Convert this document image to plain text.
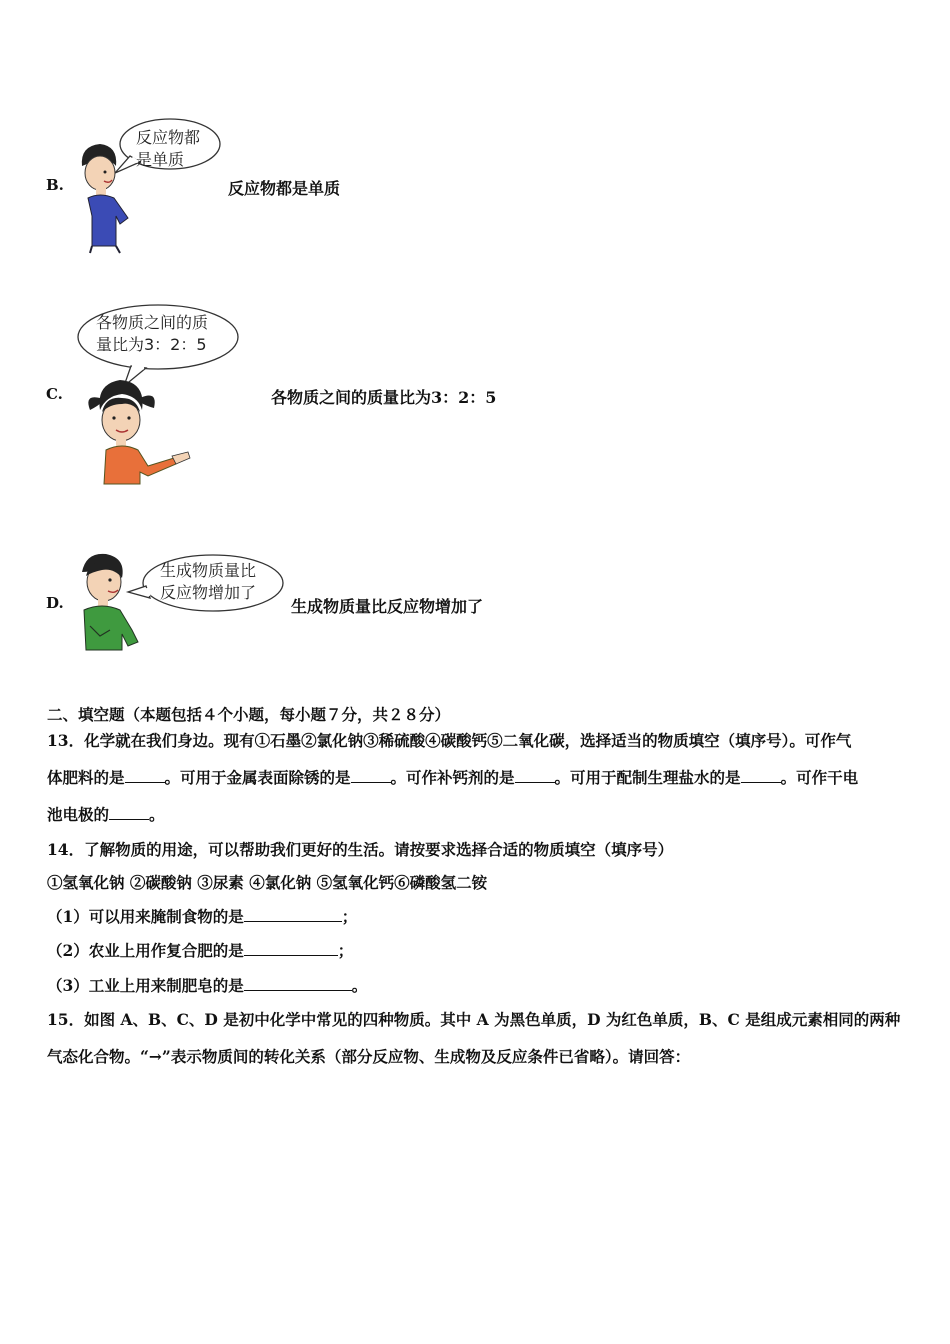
B.
反应物都
是单质
反应物都是单质
C.
各物质之间的质
量比为3：2：5
各物质之间的质量比为3：2：5
D.
生成物质量比
反应物增加了
生成物质量比反应物增加了
二、填空题（本题包括４个小题，每小题７分，共２８分）
13．化学就在我们身边。现有①石墨②氯化钠③稀硫酸④碳酸钙⑤二氧化碳，选择适当的物质填空（填序号）。可作气
体肥料的是	。可用于金属表面除锈的是	。可作补钙剂的是	。可用于配制生理盐水的是	。可作干电
池电极的	。
14．了解物质的用途，可以帮助我们更好的生活。请按要求选择合适的物质填空（填序号）
①氢氧化钠 ②碳酸钠 ③尿素 ④氯化钠 ⑤氢氧化钙⑥磷酸氢二铵
（1）可以用来腌制食物的是	；
（2）农业上用作复合肥的是	；
（3）工业上用来制肥皂的是	。
15．如图 A、B、C、D 是初中化学中常见的四种物质。其中 A 为黑色单质，D 为红色单质，B、C 是组成元素相同的两种
气态化合物。“→”表示物质间的转化关系（部分反应物、生成物及反应条件已省略）。请回答：
